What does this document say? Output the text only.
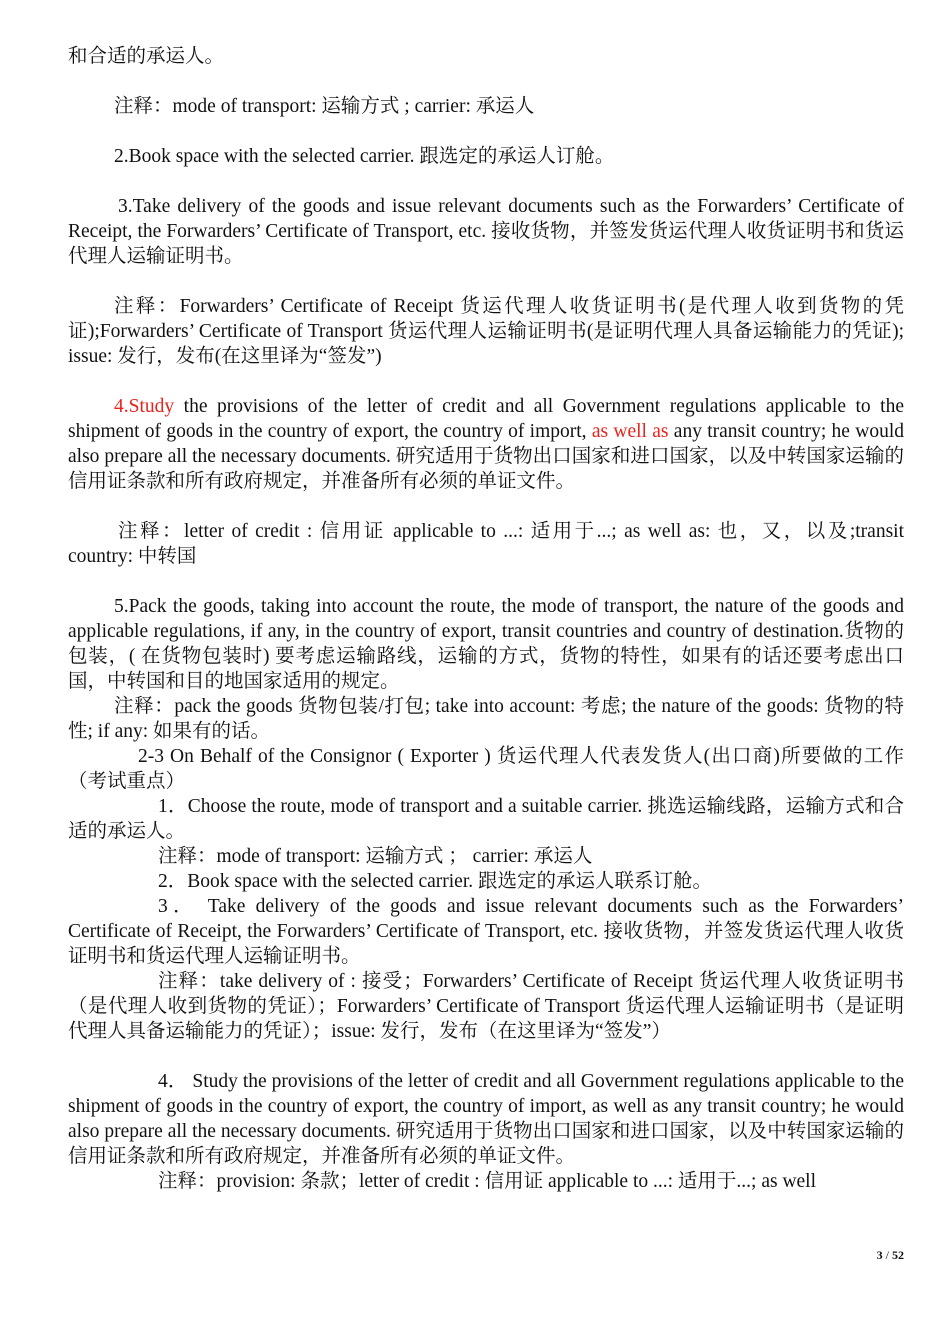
和合适的承运人。

注释：mode of transport: 运输方式 ; carrier: 承运人

2.Book space with the selected carrier. 跟选定的承运人订舱。

3.Take delivery of the goods and issue relevant documents such as the Forwarders’ Certificate of Receipt, the Forwarders’ Certificate of Transport, etc. 接收货物，并签发货运代理人收货证明书和货运代理人运输证明书。

注释：Forwarders’ Certificate of Receipt 货运代理人收货证明书(是代理人收到货物的凭证);Forwarders’ Certificate of Transport 货运代理人运输证明书(是证明代理人具备运输能力的凭证); issue: 发行，发布(在这里译为“签发”)

4.Study the provisions of the letter of credit and all Government regulations applicable to the shipment of goods in the country of export, the country of import, as well as any transit country; he would also prepare all the necessary documents. 研究适用于货物出口国家和进口国家，以及中转国家运输的信用证条款和所有政府规定，并准备所有必须的单证文件。

注释：letter of credit : 信用证 applicable to ...: 适用于...; as well as: 也，又，以及;transit country: 中转国

5.Pack the goods, taking into account the route, the mode of transport, the nature of the goods and applicable regulations, if any, in the country of export, transit countries and country of destination.货物的包装，( 在货物包装时) 要考虑运输路线，运输的方式，货物的特性，如果有的话还要考虑出口国，中转国和目的地国家适用的规定。

注释：pack the goods 货物包装/打包; take into account: 考虑; the nature of the goods: 货物的特性; if any: 如果有的话。

2-3 On Behalf of the Consignor ( Exporter ) 货运代理人代表发货人(出口商)所要做的工作（考试重点）

1．Choose the route, mode of transport and a suitable carrier. 挑选运输线路，运输方式和合适的承运人。

注释：mode of transport: 运输方式 ； carrier: 承运人

2．Book space with the selected carrier. 跟选定的承运人联系订舱。

3． Take delivery of the goods and issue relevant documents such as the Forwarders’ Certificate of Receipt, the Forwarders’ Certificate of Transport, etc. 接收货物，并签发货运代理人收货证明书和货运代理人运输证明书。

注释：take delivery of : 接受；Forwarders’ Certificate of Receipt 货运代理人收货证明书（是代理人收到货物的凭证）；Forwarders’ Certificate of Transport 货运代理人运输证明书（是证明代理人具备运输能力的凭证）；issue: 发行，发布（在这里译为“签发”）

4． Study the provisions of the letter of credit and all Government regulations applicable to the shipment of goods in the country of export, the country of import, as well as any transit country; he would also prepare all the necessary documents. 研究适用于货物出口国家和进口国家，以及中转国家运输的信用证条款和所有政府规定，并准备所有必须的单证文件。

注释：provision: 条款；letter of credit : 信用证 applicable to ...: 适用于...; as well

3 / 52
